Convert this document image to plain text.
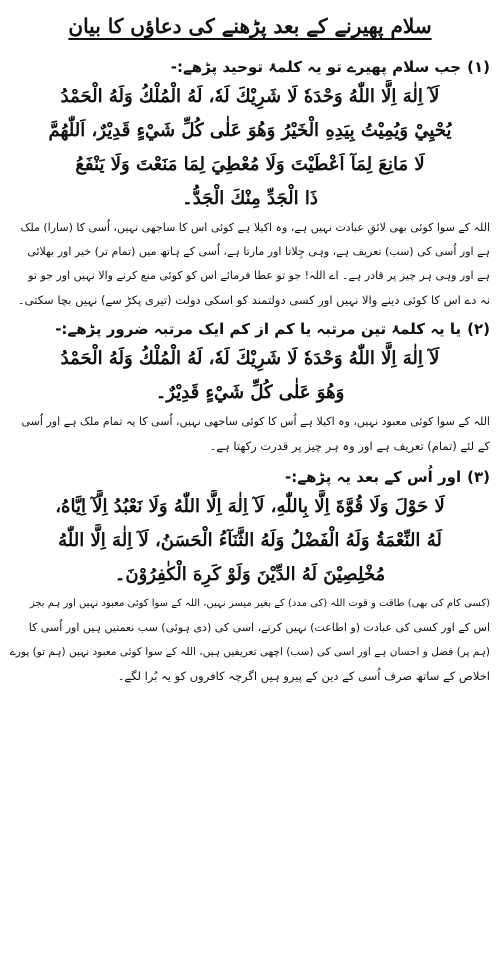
سلام پھیرنے کے بعد پڑھنے کی دعاؤں کا بیان
(۱)جب سلام پھیرے تو یہ کلمۂ توحید پڑھے:-
لَآ اِلٰهَ اِلَّا اللّٰهُ وَحْدَهٗ لَا شَرِيْكَ لَهٗ، لَهُ الْمُلْكُ وَلَهُ الْحَمْدُ
يُحْيِيْ وَيُمِيْتُ بِيَدِهِ الْخَيْرُ وَهُوَ عَلٰى كُلِّ شَيْءٍ قَدِيْرٌ، اَللّٰهُمَّ
لَا مَانِعَ لِمَآ اَعْطَيْتَ وَلَا مُعْطِيَ لِمَا مَنَعْتَ وَلَا يَنْفَعُ
ذَا الْجَدِّ مِنْكَ الْجَدُّ۔
اللہ کے سوا کوئی بھی لائقِ عبادت نہیں ہے، وہ اکیلا ہے کوئی اس کا ساجھی نہیں، اُسی کا (سارا) ملک
ہے اور اُسی کی (سب) تعریف ہے، وہی جِلاتا اور مارتا ہے، اُسی کے ہاتھ میں (تمام تر) خیر اور بھلائی
ہے اور وہی ہر چیز پر قادر ہے۔ اے اللہ! جو تو عطا فرمائے اس کو کوئی منع کرنے والا نہیں اور جو تو
نہ دے اس کا کوئی دینے والا نہیں اور کسی دولتمند کو اسکی دولت (تیری پکڑ سے) نہیں بچا سکتی۔
(۲)یا یہ کلمۂ تین مرتبہ یا کم از کم ایک مرتبہ ضرور پڑھے:-
لَآ اِلٰهَ اِلَّا اللّٰهُ وَحْدَهٗ لَا شَرِيْكَ لَهٗ، لَهُ الْمُلْكُ وَلَهُ الْحَمْدُ
وَهُوَ عَلٰى كُلِّ شَيْءٍ قَدِيْرٌ۔
اللہ کے سوا کوئی معبود نہیں، وہ اکیلا ہے اُس کا کوئی ساجھی نہیں، اُسی کا یہ تمام ملک ہے اور اُسی
کے لئے (تمام) تعریف ہے اور وہ ہر چیز پر قدرت رکھتا ہے۔
(۳)اور اُس کے بعد یہ پڑھے:-
لَا حَوْلَ وَلَا قُوَّةَ اِلَّا بِاللّٰهِ، لَآ اِلٰهَ اِلَّا اللّٰهُ وَلَا نَعْبُدُ اِلَّآ اِيَّاهُ،
لَهُ النِّعْمَةُ وَلَهُ الْفَضْلُ وَلَهُ الثَّنَآءُ الْحَسَنُ، لَآ اِلٰهَ اِلَّا اللّٰهُ
مُخْلِصِيْنَ لَهُ الدِّيْنَ وَلَوْ كَرِهَ الْكٰفِرُوْنَ۔
(کسی کام کی بھی) طاقت و قوت اللہ (کی مدد) کے بغیر میسر نہیں، اللہ کے سوا کوئی معبود نہیں اور ہم بجز
اس کے اور کسی کی عبادت (و اطاعت) نہیں کرتے، اسی کی (دی ہوئی) سب نعمتیں ہیں اور اُسی کا
(ہم پر) فضل و احسان ہے اور اسی کی (سب) اچھی تعریفیں ہیں، اللہ کے سوا کوئی معبود نہیں (ہم تو) پورے
اخلاص کے ساتھ صرف اُسی کے دین کے پیرو ہیں اگرچہ کافروں کو یہ بُرا لگے۔
